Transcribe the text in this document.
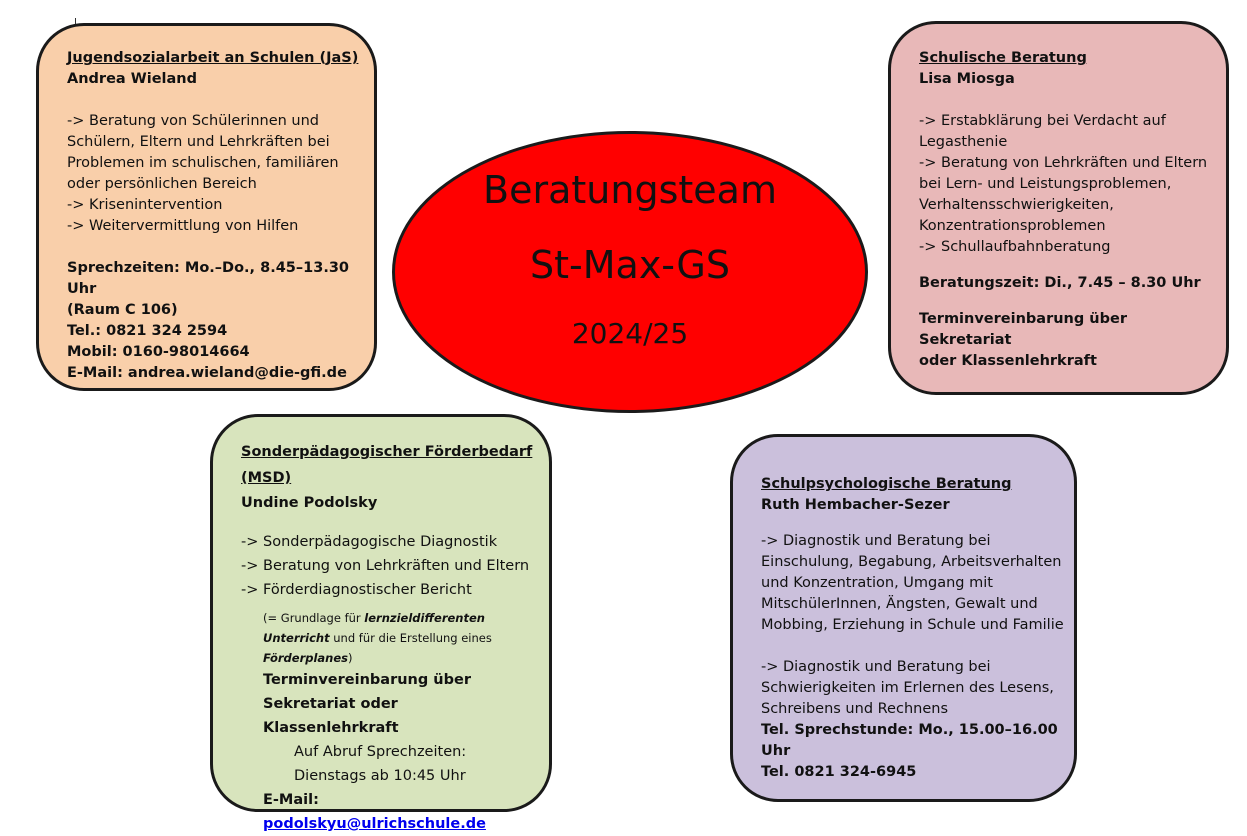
Jugendsozialarbeit an Schulen (JaS)
Andrea Wieland
-> Beratung von Schülerinnen und
Schülern, Eltern und Lehrkräften bei
Problemen im schulischen, familiären
oder persönlichen Bereich
-> Krisenintervention
-> Weitervermittlung von Hilfen
Sprechzeiten: Mo.–Do., 8.45–13.30 Uhr
(Raum C 106)
Tel.: 0821 324 2594
Mobil: 0160-98014664
E-Mail: andrea.wieland@die-gfi.de
Beratungsteam
St-Max-GS
2024/25
Schulische Beratung
Lisa Miosga
-> Erstabklärung bei Verdacht auf
Legasthenie
-> Beratung von Lehrkräften und Eltern
bei Lern- und Leistungsproblemen,
Verhaltensschwierigkeiten,
Konzentrationsproblemen
-> Schullaufbahnberatung
Beratungszeit: Di., 7.45 – 8.30 Uhr
Terminvereinbarung über Sekretariat
oder Klassenlehrkraft
Sonderpädagogischer Förderbedarf
(MSD)
Undine Podolsky
-> Sonderpädagogische Diagnostik
-> Beratung von Lehrkräften und Eltern
-> Förderdiagnostischer Bericht
(= Grundlage für lernzieldifferenten
Unterricht und für die Erstellung eines
Förderplanes)
Terminvereinbarung über
Sekretariat oder Klassenlehrkraft
Auf Abruf Sprechzeiten:
Dienstags ab 10:45 Uhr
E-Mail: podolskyu@ulrichschule.de
Schulpsychologische Beratung
Ruth Hembacher-Sezer
-> Diagnostik und Beratung bei
Einschulung, Begabung, Arbeitsverhalten
und Konzentration, Umgang mit
MitschülerInnen, Ängsten, Gewalt und
Mobbing, Erziehung in Schule und Familie
-> Diagnostik und Beratung bei
Schwierigkeiten im Erlernen des Lesens,
Schreibens und Rechnens
Tel. Sprechstunde: Mo., 15.00–16.00 Uhr
Tel. 0821 324-6945
